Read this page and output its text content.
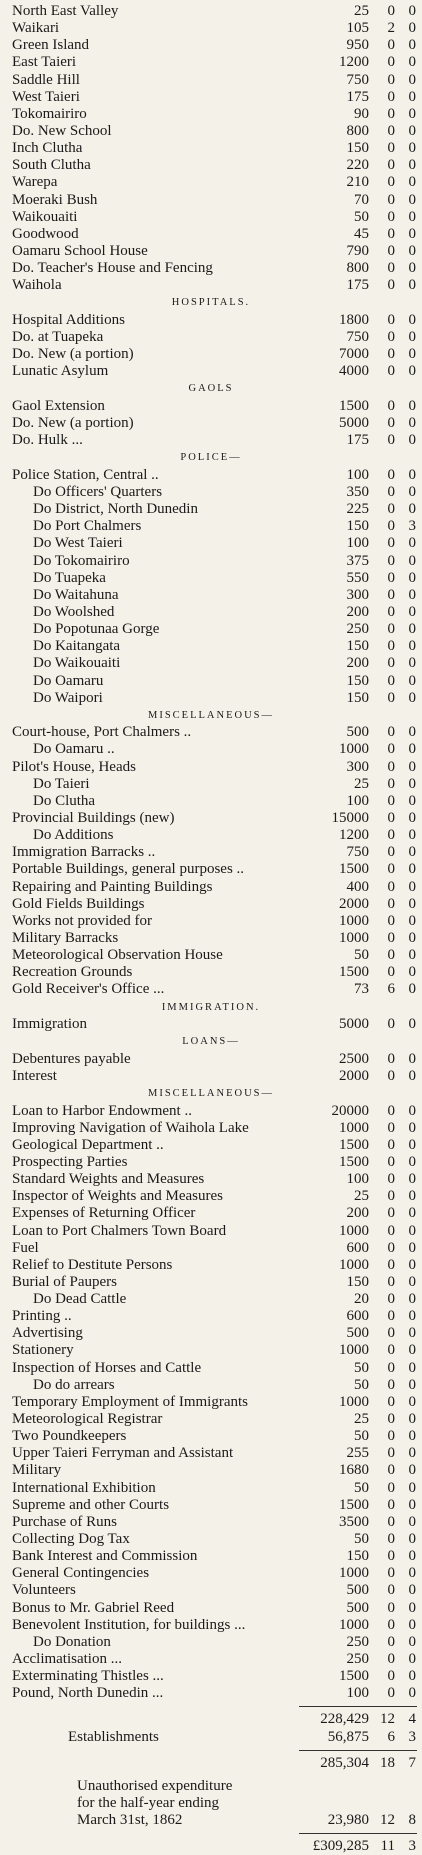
North East Valley	25	0 0
Waikari	105	2 0
Green Island	950	0 0
East Taieri	1200	0 0
Saddle Hill	750	0 0
West Taieri	175	0 0
Tokomairiro	90	0 0
Do. New School	800	0 0
Inch Clutha	150	0 0
South Clutha	220	0 0
Warepa	210	0 0
Moeraki Bush	70	0 0
Waikouaiti	50	0 0
Goodwood	45	0 0
Oamaru School House	790	0 0
Do. Teacher's House and Fencing	800	0 0
Waihola	175	0 0
HOSPITALS.
Hospital Additions	1800	0 0
Do. at Tuapeka	750	0 0
Do. New (a portion)	7000	0 0
Lunatic Asylum	4000	0 0
GAOLS
Gaol Extension	1500	0 0
Do. New (a portion)	5000	0 0
Do. Hulk ...	175	0 0
POLICE—
Police Station, Central ..	100	0 0
Do Officers' Quarters	350	0 0
Do District, North Dunedin	225	0 0
Do Port Chalmers	150	0 3
Do West Taieri	100	0 0
Do Tokomairiro	375	0 0
Do Tuapeka	550	0 0
Do Waitahuna	300	0 0
Do Woolshed	200	0 0
Do Popotunaa Gorge	250	0 0
Do Kaitangata	150	0 0
Do Waikouaiti	200	0 0
Do Oamaru	150	0 0
Do Waipori	150	0 0
MISCELLANEOUS—
Court-house, Port Chalmers ..	500	0 0
Do Oamaru ..	1000	0 0
Pilot's House, Heads	300	0 0
Do Taieri	25	0 0
Do Clutha	100	0 0
Provincial Buildings (new)	15000	0 0
Do Additions	1200	0 0
Immigration Barracks ..	750	0 0
Portable Buildings, general purposes ..	1500	0 0
Repairing and Painting Buildings	400	0 0
Gold Fields Buildings	2000	0 0
Works not provided for	1000	0 0
Military Barracks	1000	0 0
Meteorological Observation House	50	0 0
Recreation Grounds	1500	0 0
Gold Receiver's Office ...	73	6 0
IMMIGRATION.
Immigration	5000	0 0
LOANS—
Debentures payable	2500	0 0
Interest	2000	0 0
MISCELLANEOUS—
Loan to Harbor Endowment ..	20000	0 0
Improving Navigation of Waihola Lake	1000	0 0
Geological Department ..	1500	0 0
Prospecting Parties	1500	0 0
Standard Weights and Measures	100	0 0
Inspector of Weights and Measures	25	0 0
Expenses of Returning Officer	200	0 0
Loan to Port Chalmers Town Board	1000	0 0
Fuel	600	0 0
Relief to Destitute Persons	1000	0 0
Burial of Paupers	150	0 0
Do Dead Cattle	20	0 0
Printing ..	600	0 0
Advertising	500	0 0
Stationery	1000	0 0
Inspection of Horses and Cattle	50	0 0
Do do arrears	50	0 0
Temporary Employment of Immigrants	1000	0 0
Meteorological Registrar	25	0 0
Two Poundkeepers	50	0 0
Upper Taieri Ferryman and Assistant	255	0 0
Military	1680	0 0
International Exhibition	50	0 0
Supreme and other Courts	1500	0 0
Purchase of Runs	3500	0 0
Collecting Dog Tax	50	0 0
Bank Interest and Commission	150	0 0
General Contingencies	1000	0 0
Volunteers	500	0 0
Bonus to Mr. Gabriel Reed	500	0 0
Benevolent Institution, for buildings ...	1000	0 0
Do Donation	250	0 0
Acclimatisation ...	250	0 0
Exterminating Thistles ...	1500	0 0
Pound, North Dunedin ...	100	0 0
228,429 12 4
Establishments	56,875	6 3
285,304 18 7
Unauthorised expenditure
for the half-year ending
March 31st, 1862	23,980 12 8
£309,285 11 3
